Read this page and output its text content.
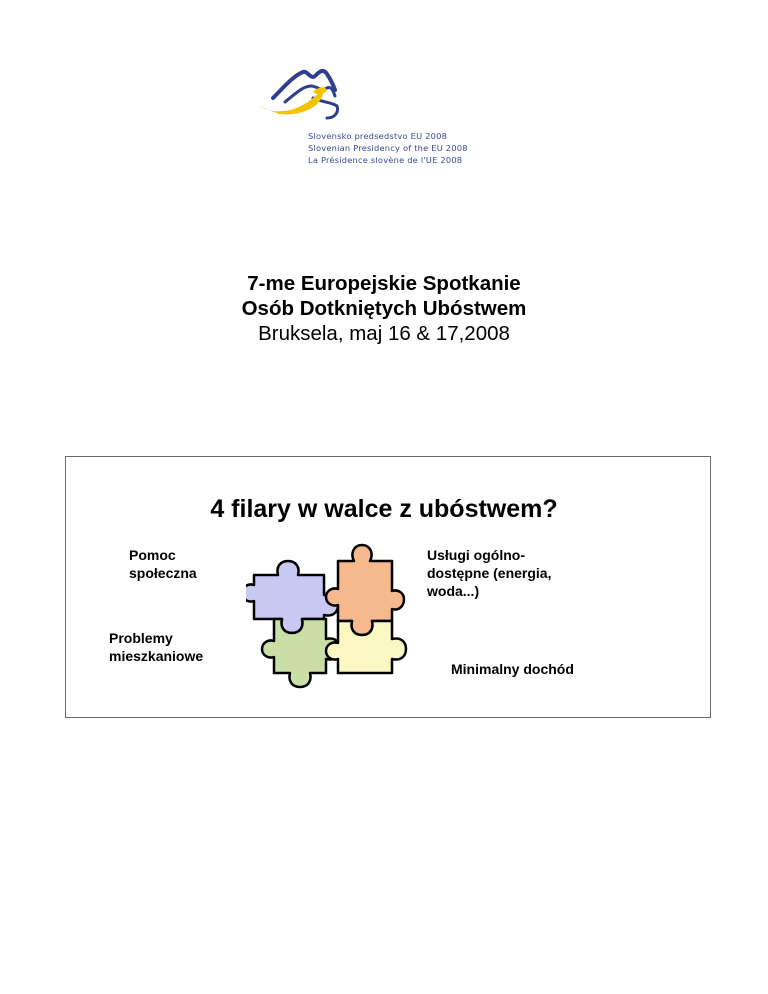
Slovensko predsedstvo EU 2008
Slovenian Presidency of the EU 2008
La Présidence slovène de l'UE 2008
7-me Europejskie Spotkanie
Osób Dotkniętych Ubóstwem
Bruksela, maj 16 & 17,2008
4 filary w walce z ubóstwem?
Pomoc
społeczna
Usługi ogólno-
dostępne (energia,
woda...)
Problemy
mieszkaniowe
Minimalny dochód
